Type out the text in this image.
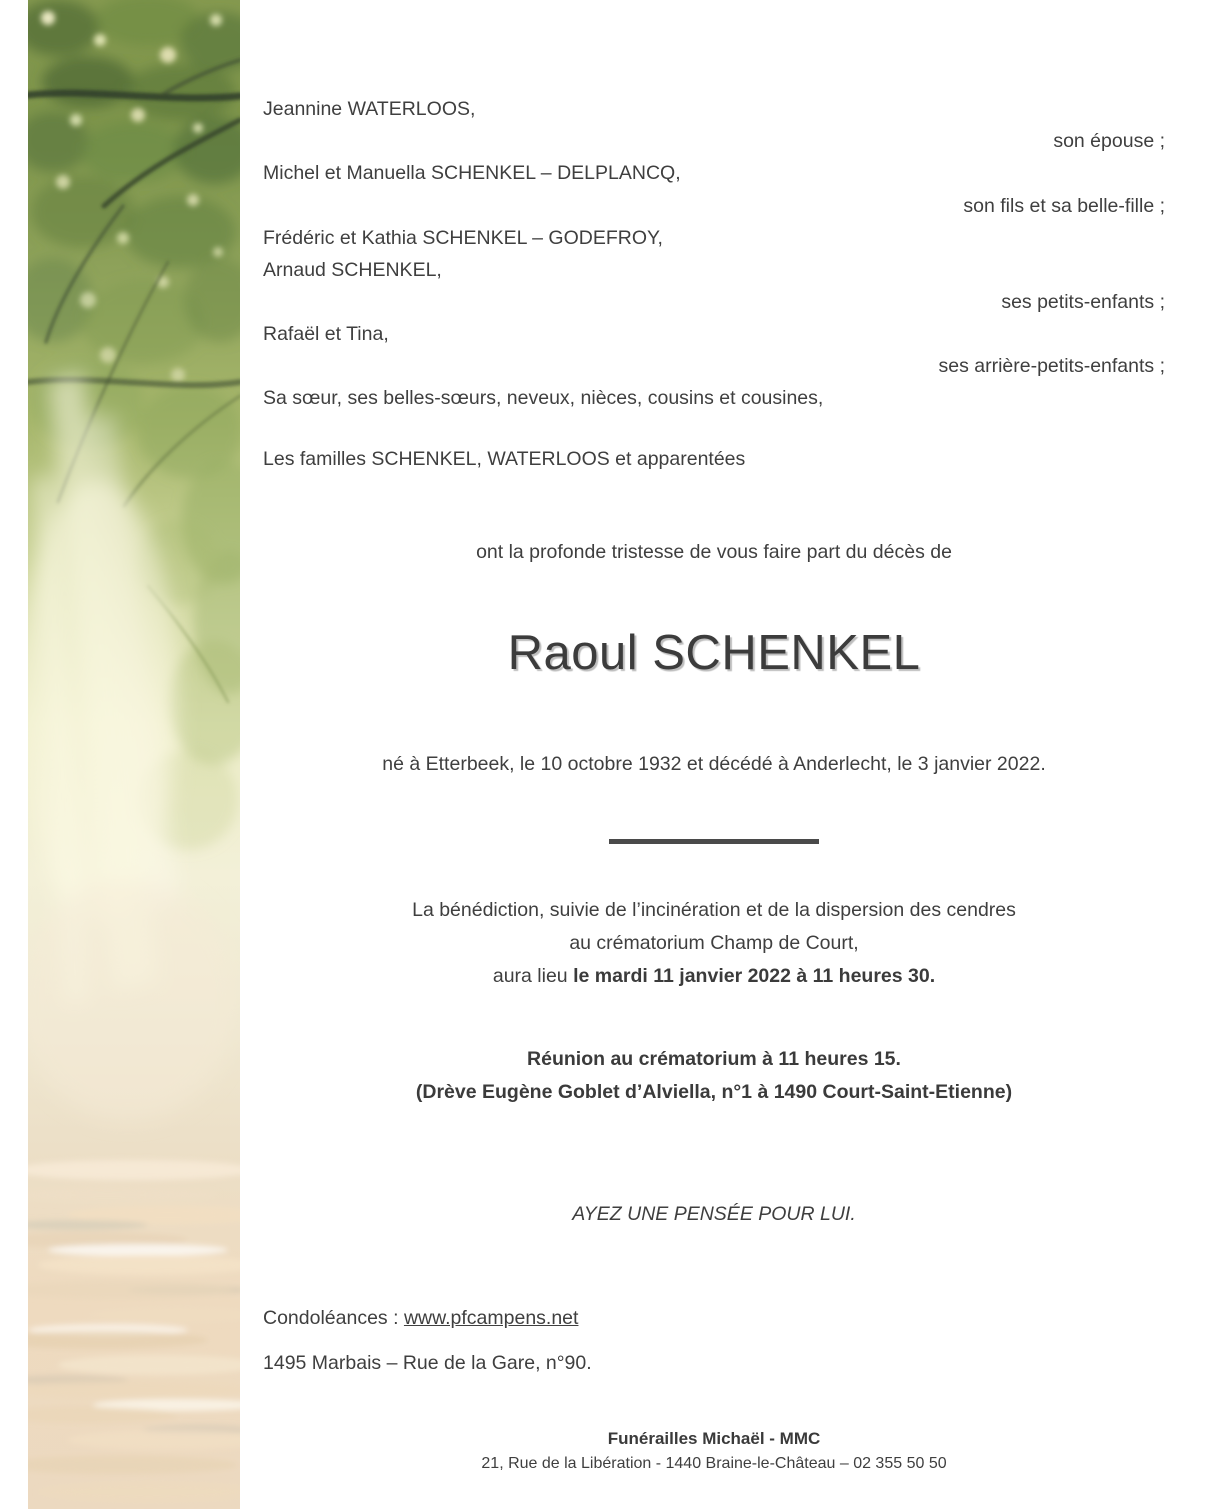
Jeannine WATERLOOS,
son épouse ;
Michel et Manuella SCHENKEL – DELPLANCQ,
son fils et sa belle-fille ;
Frédéric et Kathia SCHENKEL – GODEFROY,
Arnaud SCHENKEL,
ses petits-enfants ;
Rafaël et Tina,
ses arrière-petits-enfants ;
Sa sœur, ses belles-sœurs, neveux, nièces, cousins et cousines,
Les familles SCHENKEL, WATERLOOS et apparentées
ont la profonde tristesse de vous faire part du décès de
Raoul SCHENKEL
né à Etterbeek, le 10 octobre 1932 et décédé à Anderlecht, le 3 janvier 2022.
La bénédiction, suivie de l’incinération et de la dispersion des cendres
au crématorium Champ de Court,
aura lieu le mardi 11 janvier 2022 à 11 heures 30.
Réunion au crématorium à 11 heures 15.
(Drève Eugène Goblet d’Alviella, n°1 à 1490 Court-Saint-Etienne)
AYEZ UNE PENSÉE POUR LUI.
Condoléances : www.pfcampens.net
1495 Marbais – Rue de la Gare, n°90.
Funérailles Michaël - MMC
21, Rue de la Libération - 1440 Braine-le-Château – 02 355 50 50
